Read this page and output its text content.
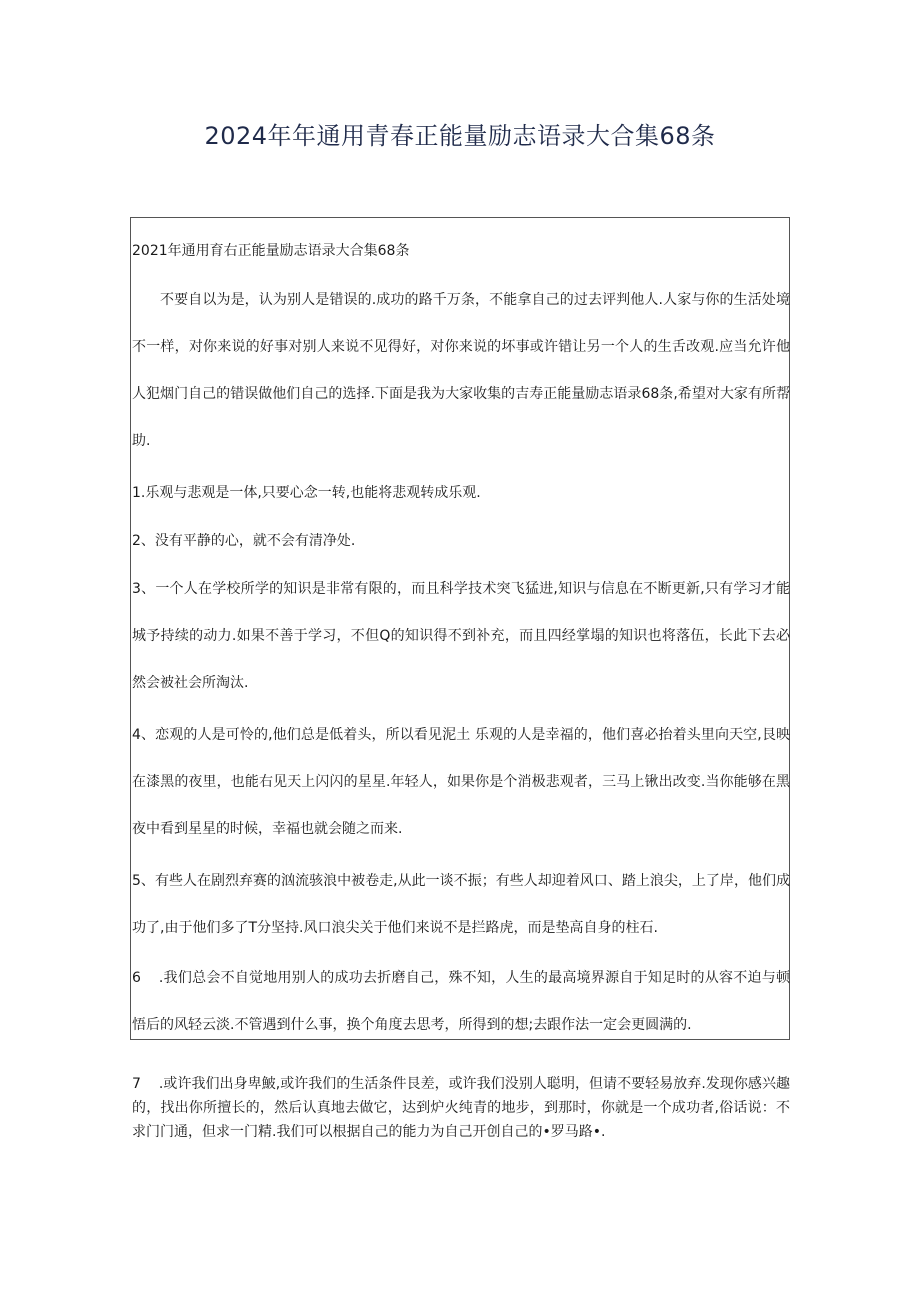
2024年年通用青春正能量励志语录大合集68条

2021年通用育右正能量励志语录大合集68条

不要自以为是，认为别人是错误的.成功的路千万条，不能拿自己的过去评判他人.人家与你的生活处境不一样，对你来说的好事对别人来说不见得好，对你来说的坏事或许错让另一个人的生舌改观.应当允许他人犯烟门自己的错误做他们自己的选择.下面是我为大家收集的吉寿正能量励志语录68条,希望对大家有所帮助.

1.乐观与悲观是一体,只要心念一转,也能将悲观转成乐观.

2、没有平静的心，就不会有清净处.

3、一个人在学校所学的知识是非常有限的，而且科学技术突飞猛进,知识与信息在不断更新,只有学习才能城予持续的动力.如果不善于学习，不但Q的知识得不到补充，而且四经掌塌的知识也将落伍，长此下去必然会被社会所淘汰.

4、恋观的人是可怜的,他们总是低着头，所以看见泥土 乐观的人是幸福的，他们喜必抬着头里向天空,艮映在漆黑的夜里，也能右见天上闪闪的星星.年轻人，如果你是个消极悲观者，三马上锹出改变.当你能够在黑夜中看到星星的时候，幸福也就会随之而来.

5、有些人在剧烈弃赛的汹流骇浪中被卷走,从此一谈不振；有些人却迎着风口、踏上浪尖，上了岸，他们成功了,由于他们多了T分坚持.风口浪尖关于他们来说不是拦路虎，而是垫高自身的柱石.

6 .我们总会不自觉地用别人的成功去折磨自己，殊不知，人生的最高境界源自于知足时的从容不迫与顿悟后的风轻云淡.不管遇到什么事，换个角度去思考，所得到的想;去跟作法一定会更圆满的.

7 .或许我们出身卑鮍,或许我们的生活条件艮差，或许我们没别人聪明，但请不要轻易放弃.发现你感兴趣的，找出你所擅长的，然后认真地去做它，达到炉火纯青的地步，到那时，你就是一个成功者,俗话说：不求门门通，但求一门精.我们可以根据自己的能力为自己开创自己的•罗马路•.
